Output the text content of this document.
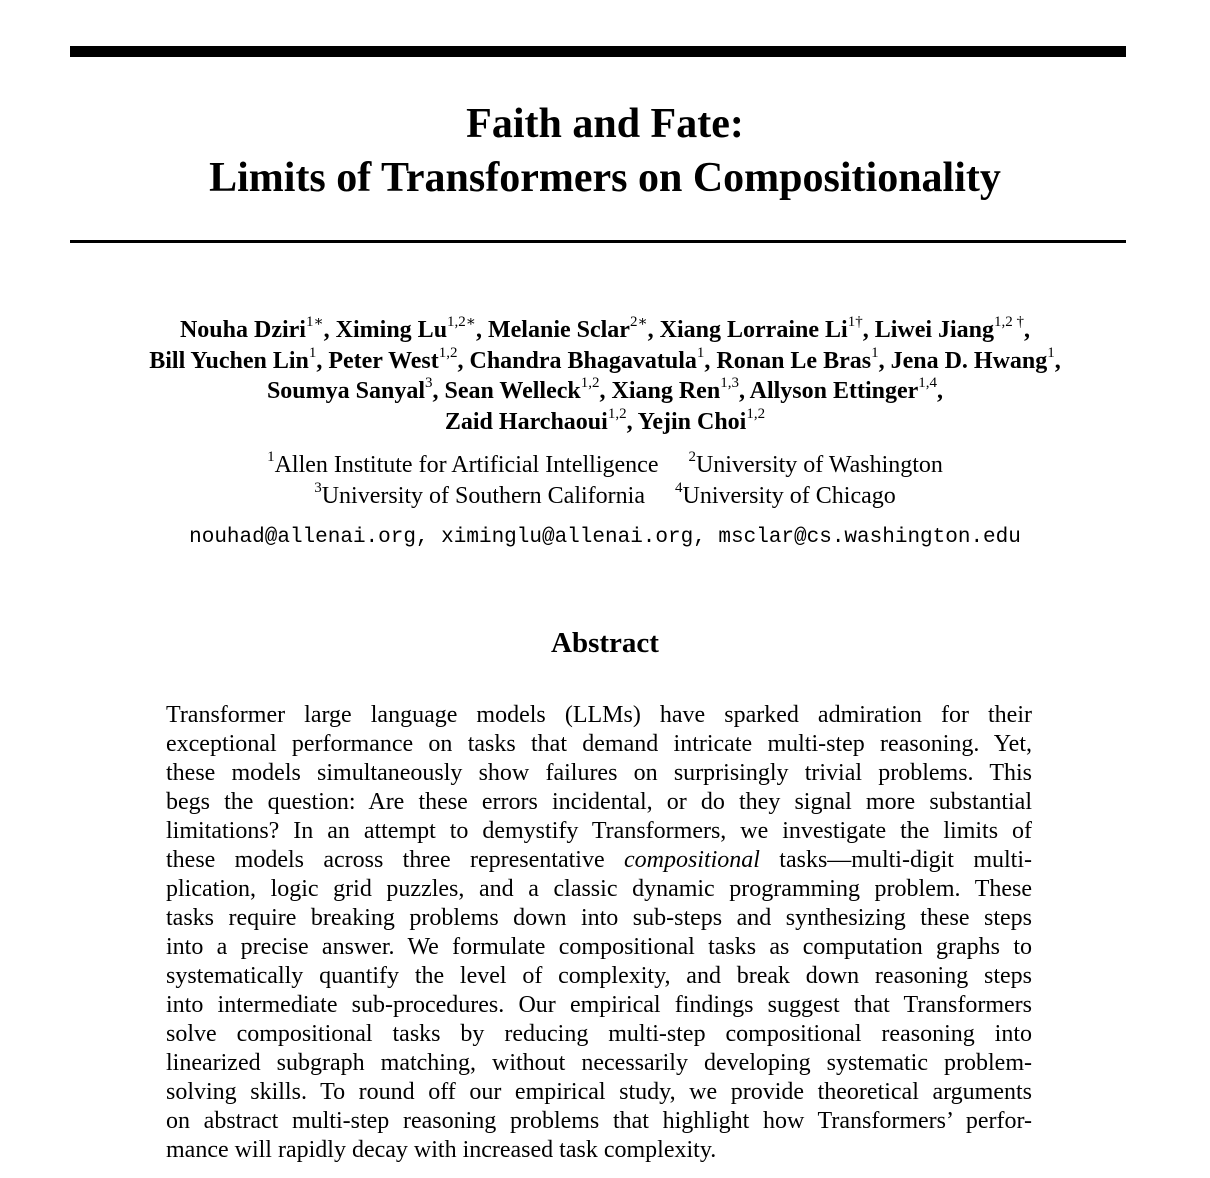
Faith and Fate:
Limits of Transformers on Compositionality
Nouha Dziri$^{1∗}$, Ximing $Lu^{1,2∗}$, Melanie Sclar$^{2∗}$, Xiang Lorraine $Li^{1\dagger}$, Liwei Jiang$^{1,2 \dagger}$,
Bill Yuchen Lin$^1$, Peter West$^{1,2}$, Chandra Bhagavatula$^1$, Ronan Le Bras$^1$, Jena D. Hwang$^1$,
Soumya Sanyal$^3$, Sean Welleck$^{1,2}$, Xiang Ren$^{1,3}$, Allyson Ettinger$^{1,4}$,
Zaid Harchaoui$^{1,2}$, Yejin Choi$^{1,2}$
$^1$Allen Institute for Artificial Intelligence $^2$University of Washington
$^3$University of Southern California $^4$University of Chicago
nouhad@allenai.org, ximinglu@allenai.org, msclar@cs.washington.edu
Abstract
Transformer large language models (LLMs) have sparked admiration for their
exceptional performance on tasks that demand intricate multi-step reasoning. Yet,
these models simultaneously show failures on surprisingly trivial problems. This
begs the question: Are these errors incidental, or do they signal more substantial
limitations? In an attempt to demystify Transformers, we investigate the limits of
these models across three representative compositional tasks—multi-digit multi-
plication, logic grid puzzles, and a classic dynamic programming problem. These
tasks require breaking problems down into sub-steps and synthesizing these steps
into a precise answer. We formulate compositional tasks as computation graphs to
systematically quantify the level of complexity, and break down reasoning steps
into intermediate sub-procedures. Our empirical findings suggest that Transformers
solve compositional tasks by reducing multi-step compositional reasoning into
linearized subgraph matching, without necessarily developing systematic problem-
solving skills. To round off our empirical study, we provide theoretical arguments
on abstract multi-step reasoning problems that highlight how Transformers’ perfor-
mance will rapidly decay with increased task complexity.
